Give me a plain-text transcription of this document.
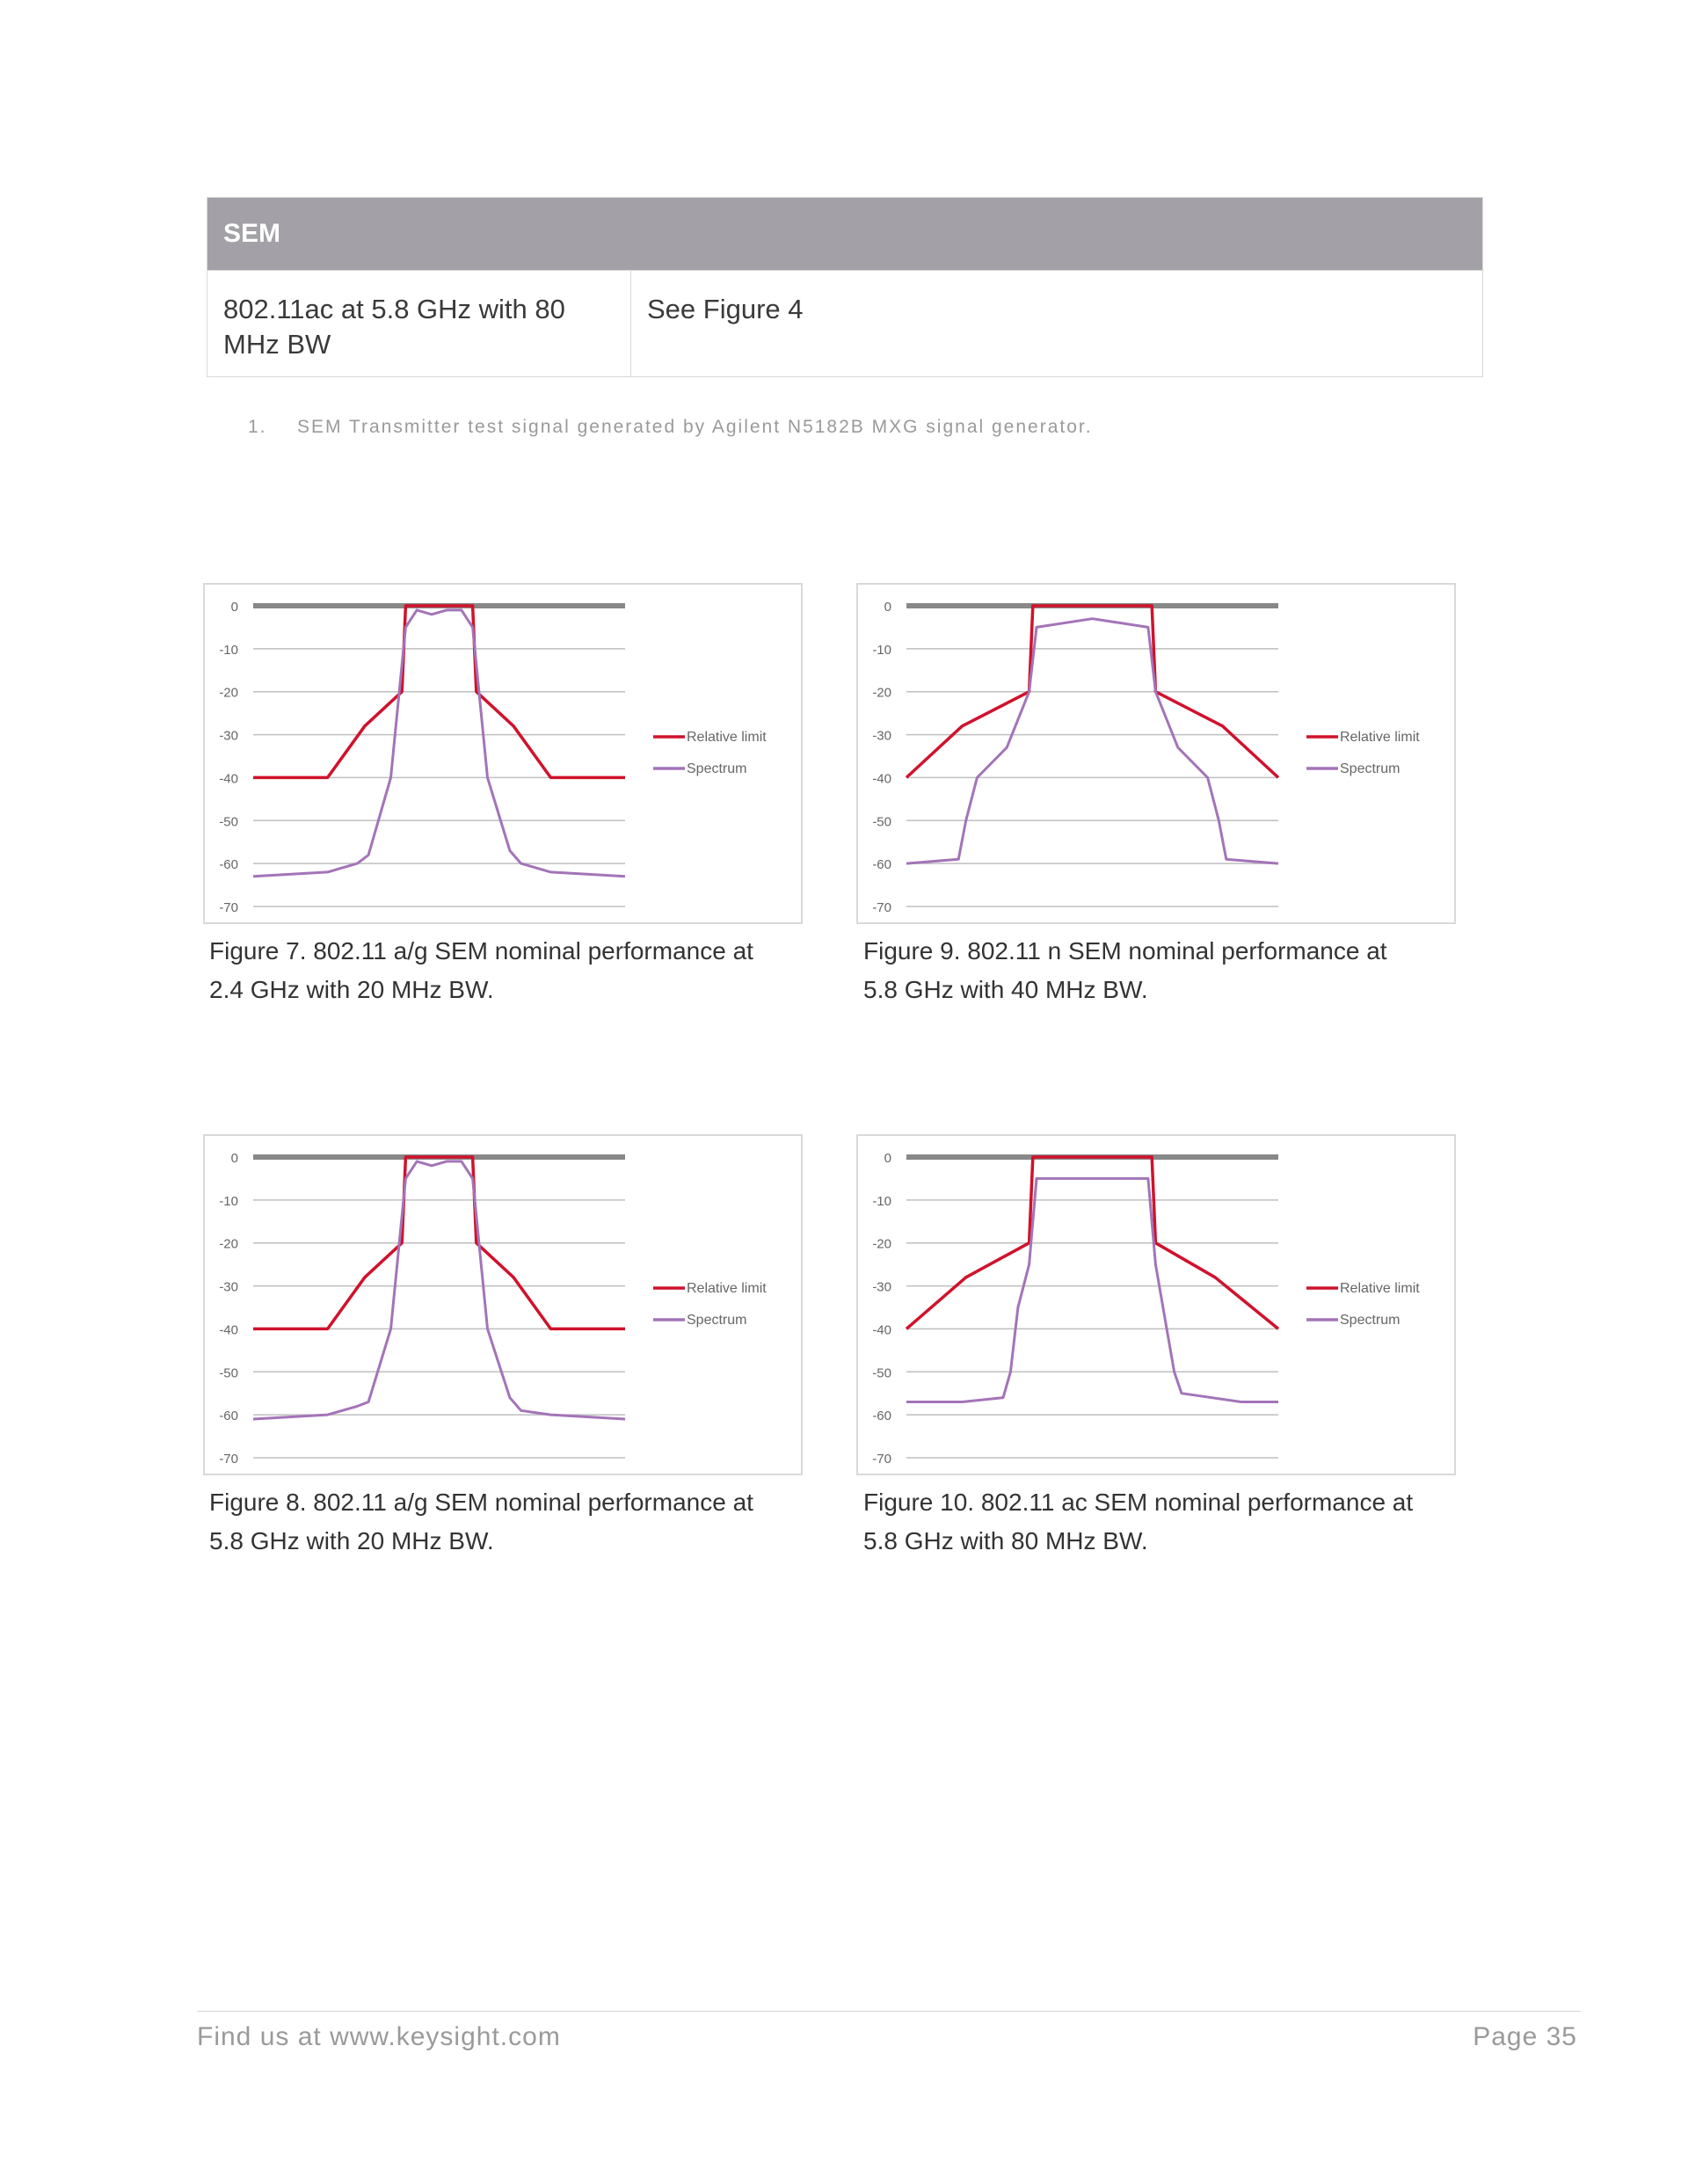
SEM
802.11ac at 5.8 GHz with 80 MHz BW
See Figure 4
1. SEM Transmitter test signal generated by Agilent N5182B MXG signal generator.
0
-10
-20
-30
-40
-50
-60
-70
Relative limit
Spectrum
0
-10
-20
-30
-40
-50
-60
-70
Relative limit
Spectrum
0
-10
-20
-30
-40
-50
-60
-70
Relative limit
Spectrum
0
-10
-20
-30
-40
-50
-60
-70
Relative limit
Spectrum
Figure 7. 802.11 a/g SEM nominal performance at
2.4 GHz with 20 MHz BW.
Figure 9. 802.11 n SEM nominal performance at
5.8 GHz with 40 MHz BW.
Figure 8. 802.11 a/g SEM nominal performance at
5.8 GHz with 20 MHz BW.
Figure 10. 802.11 ac SEM nominal performance at
5.8 GHz with 80 MHz BW.
Find us at www.keysight.com	Page 35
